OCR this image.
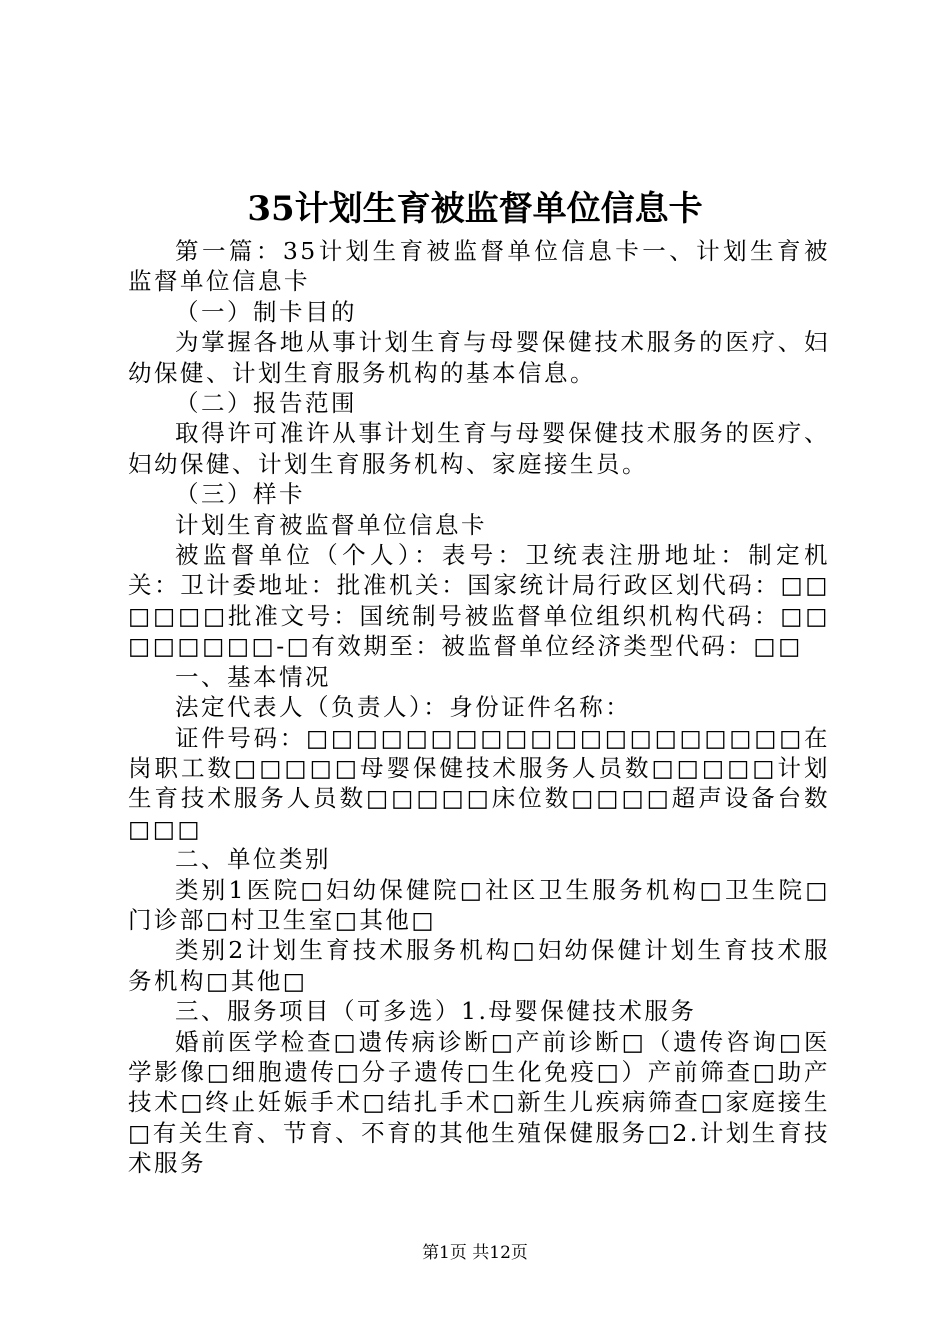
35计划生育被监督单位信息卡

第一篇：35计划生育被监督单位信息卡一、计划生育被监督单位信息卡

（一）制卡目的

为掌握各地从事计划生育与母婴保健技术服务的医疗、妇幼保健、计划生育服务机构的基本信息。

（二）报告范围

取得许可准许从事计划生育与母婴保健技术服务的医疗、妇幼保健、计划生育服务机构、家庭接生员。

（三）样卡

计划生育被监督单位信息卡

被监督单位（个人）：表号：卫统表注册地址：制定机关：卫计委地址：批准机关：国家统计局行政区划代码：□□□□□□批准文号：国统制号被监督单位组织机构代码：□□□□□□□□-□有效期至：被监督单位经济类型代码：□□

一、基本情况

法定代表人（负责人）：身份证件名称：

证件号码：□□□□□□□□□□□□□□□□□□□□在岗职工数□□□□□母婴保健技术服务人员数□□□□□计划生育技术服务人员数□□□□□床位数□□□□超声设备台数□□□

二、单位类别

类别1医院□妇幼保健院□社区卫生服务机构□卫生院□门诊部□村卫生室□其他□

类别2计划生育技术服务机构□妇幼保健计划生育技术服务机构□其他□

三、服务项目（可多选）1.母婴保健技术服务

婚前医学检查□遗传病诊断□产前诊断□（遗传咨询□医学影像□细胞遗传□分子遗传□生化免疫□）产前筛查□助产技术□终止妊娠手术□结扎手术□新生儿疾病筛查□家庭接生□有关生育、节育、不育的其他生殖保健服务□2.计划生育技术服务

第1页 共12页
